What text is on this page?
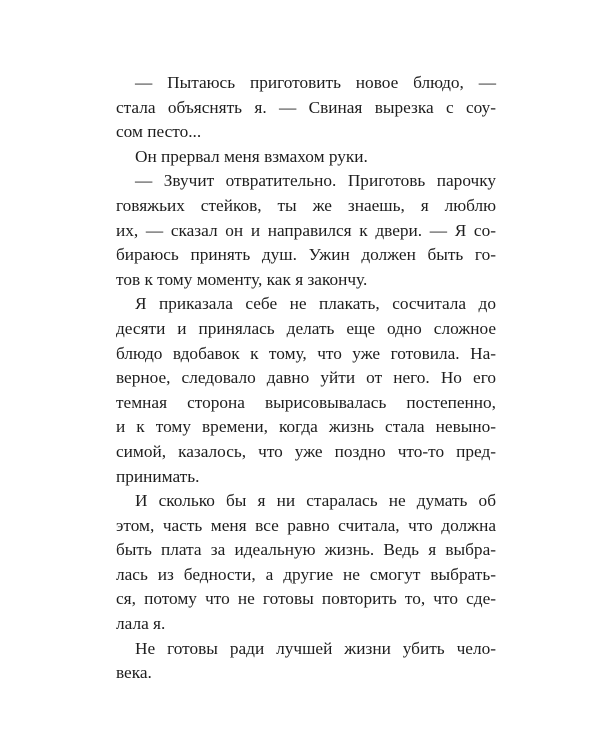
— Пытаюсь приготовить новое блюдо, —
стала объяснять я. — Свиная вырезка с соу-
сом песто...
Он прервал меня взмахом руки.
— Звучит отвратительно. Приготовь парочку
говяжьих стейков, ты же знаешь, я люблю
их, — сказал он и направился к двери. — Я со-
бираюсь принять душ. Ужин должен быть го-
тов к тому моменту, как я закончу.
Я приказала себе не плакать, сосчитала до
десяти и принялась делать еще одно сложное
блюдо вдобавок к тому, что уже готовила. На-
верное, следовало давно уйти от него. Но его
темная сторона вырисовывалась постепенно,
и к тому времени, когда жизнь стала невыно-
симой, казалось, что уже поздно что-то пред-
принимать.
И сколько бы я ни старалась не думать об
этом, часть меня все равно считала, что должна
быть плата за идеальную жизнь. Ведь я выбра-
лась из бедности, а другие не смогут выбрать-
ся, потому что не готовы повторить то, что сде-
лала я.
Не готовы ради лучшей жизни убить чело-
века.
